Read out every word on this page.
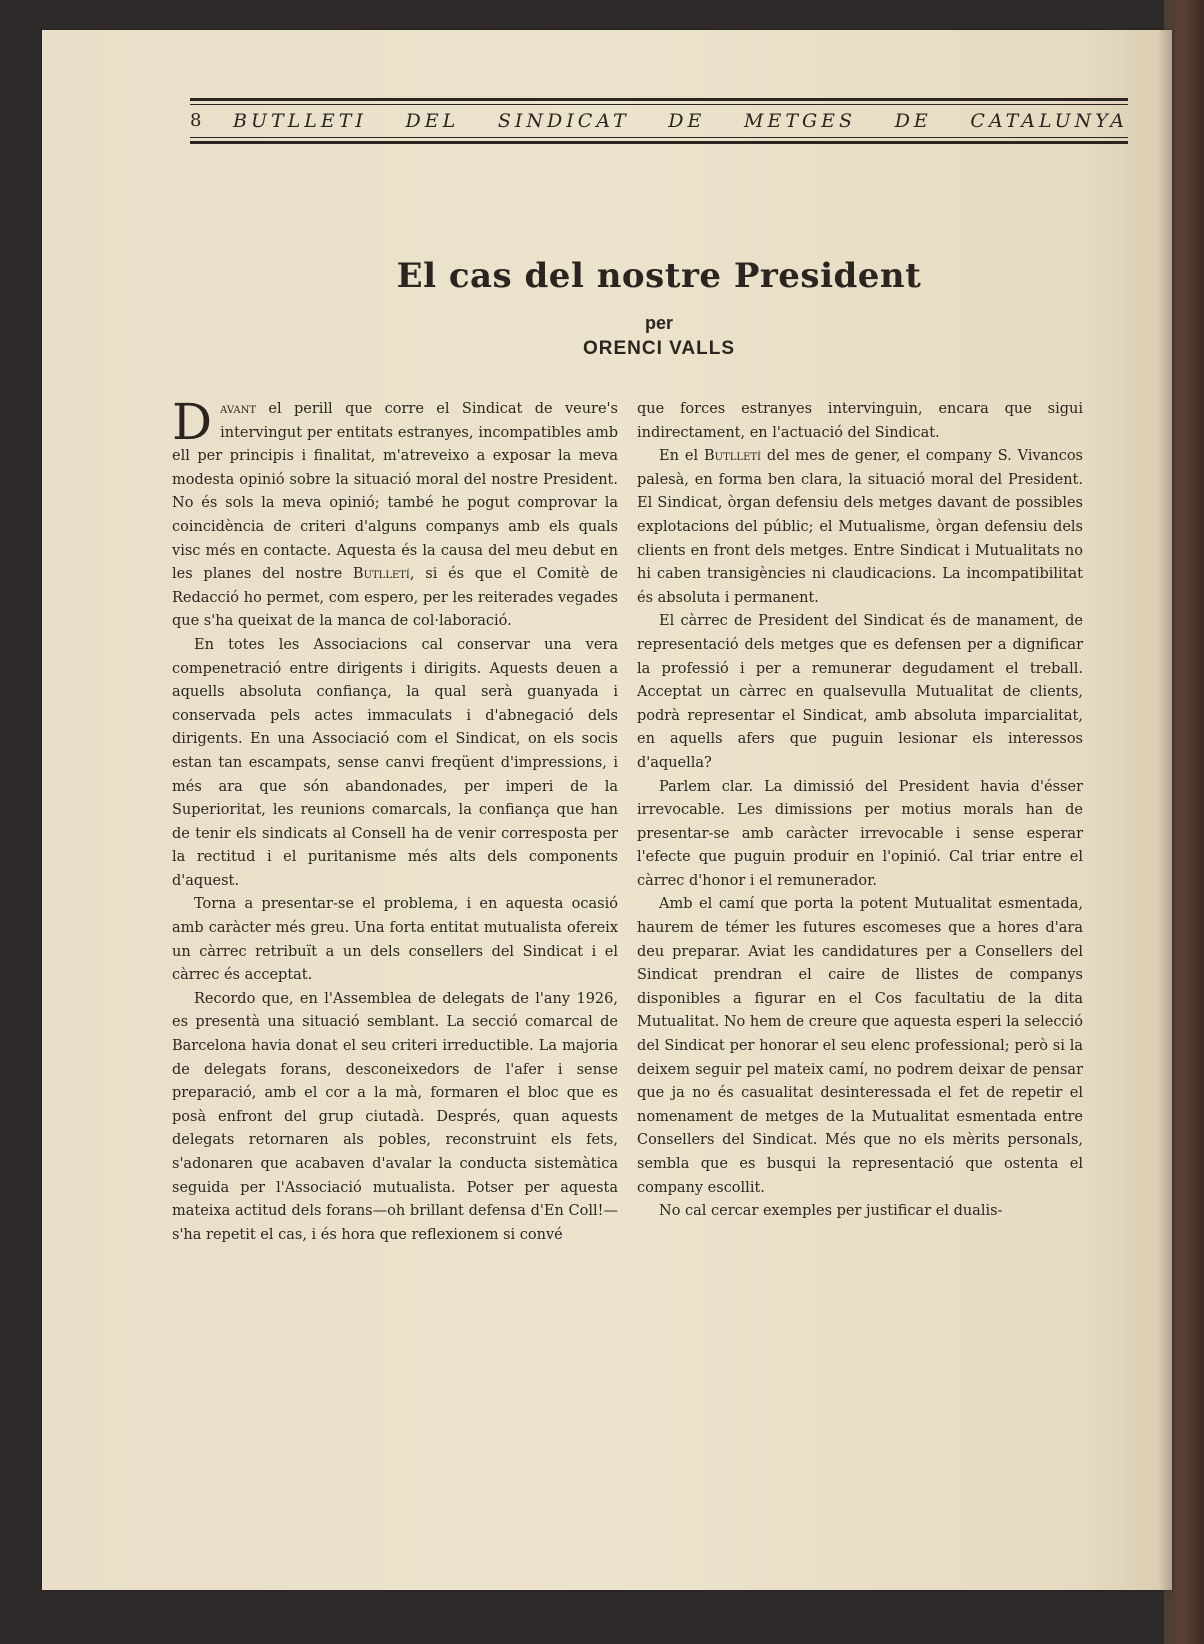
8 BUTLLETI DEL SINDICAT DE METGES DE CATALUNYA
El cas del nostre President
per
ORENCI VALLS

Davant el perill que corre el Sindicat de veure's intervingut per entitats estranyes, incompatibles amb ell per principis i finalitat, m'atreveixo a exposar la meva modesta opinió sobre la situació moral del nostre President. No és sols la meva opinió; també he pogut comprovar la coincidència de criteri d'alguns companys amb els quals visc més en contacte. Aquesta és la causa del meu debut en les planes del nostre Butlletí, si és que el Comitè de Redacció ho permet, com espero, per les reiterades vegades que s'ha queixat de la manca de col·laboració.

En totes les Associacions cal conservar una vera compenetració entre dirigents i dirigits. Aquests deuen a aquells absoluta confiança, la qual serà guanyada i conservada pels actes immaculats i d'abnegació dels dirigents. En una Associació com el Sindicat, on els socis estan tan escampats, sense canvi freqüent d'impressions, i més ara que són abandonades, per imperi de la Superioritat, les reunions comarcals, la confiança que han de tenir els sindicats al Consell ha de venir corresposta per la rectitud i el puritanisme més alts dels components d'aquest.

Torna a presentar-se el problema, i en aquesta ocasió amb caràcter més greu. Una forta entitat mutualista ofereix un càrrec retribuït a un dels consellers del Sindicat i el càrrec és acceptat.

Recordo que, en l'Assemblea de delegats de l'any 1926, es presentà una situació semblant. La secció comarcal de Barcelona havia donat el seu criteri irreductible. La majoria de delegats forans, desconeixedors de l'afer i sense preparació, amb el cor a la mà, formaren el bloc que es posà enfront del grup ciutadà. Després, quan aquests delegats retornaren als pobles, reconstruint els fets, s'adonaren que acabaven d'avalar la conducta sistemàtica seguida per l'Associació mutualista. Potser per aquesta mateixa actitud dels forans—oh brillant defensa d'En Coll!—s'ha repetit el cas, i és hora que reflexionem si convé

que forces estranyes intervinguin, encara que sigui indirectament, en l'actuació del Sindicat.

En el Butlletí del mes de gener, el company S. Vivancos palesà, en forma ben clara, la situació moral del President. El Sindicat, òrgan defensiu dels metges davant de possibles explotacions del públic; el Mutualisme, òrgan defensiu dels clients en front dels metges. Entre Sindicat i Mutualitats no hi caben transigències ni claudicacions. La incompatibilitat és absoluta i permanent.

El càrrec de President del Sindicat és de manament, de representació dels metges que es defensen per a dignificar la professió i per a remunerar degudament el treball. Acceptat un càrrec en qualsevulla Mutualitat de clients, podrà representar el Sindicat, amb absoluta imparcialitat, en aquells afers que puguin lesionar els interessos d'aquella?

Parlem clar. La dimissió del President havia d'ésser irrevocable. Les dimissions per motius morals han de presentar-se amb caràcter irrevocable i sense esperar l'efecte que puguin produir en l'opinió. Cal triar entre el càrrec d'honor i el remunerador.

Amb el camí que porta la potent Mutualitat esmentada, haurem de témer les futures escomeses que a hores d'ara deu preparar. Aviat les candidatures per a Consellers del Sindicat prendran el caire de llistes de companys disponibles a figurar en el Cos facultatiu de la dita Mutualitat. No hem de creure que aquesta esperi la selecció del Sindicat per honorar el seu elenc professional; però si la deixem seguir pel mateix camí, no podrem deixar de pensar que ja no és casualitat desinteressada el fet de repetir el nomenament de metges de la Mutualitat esmentada entre Consellers del Sindicat. Més que no els mèrits personals, sembla que es busqui la representació que ostenta el company escollit.

No cal cercar exemples per justificar el dualis-
